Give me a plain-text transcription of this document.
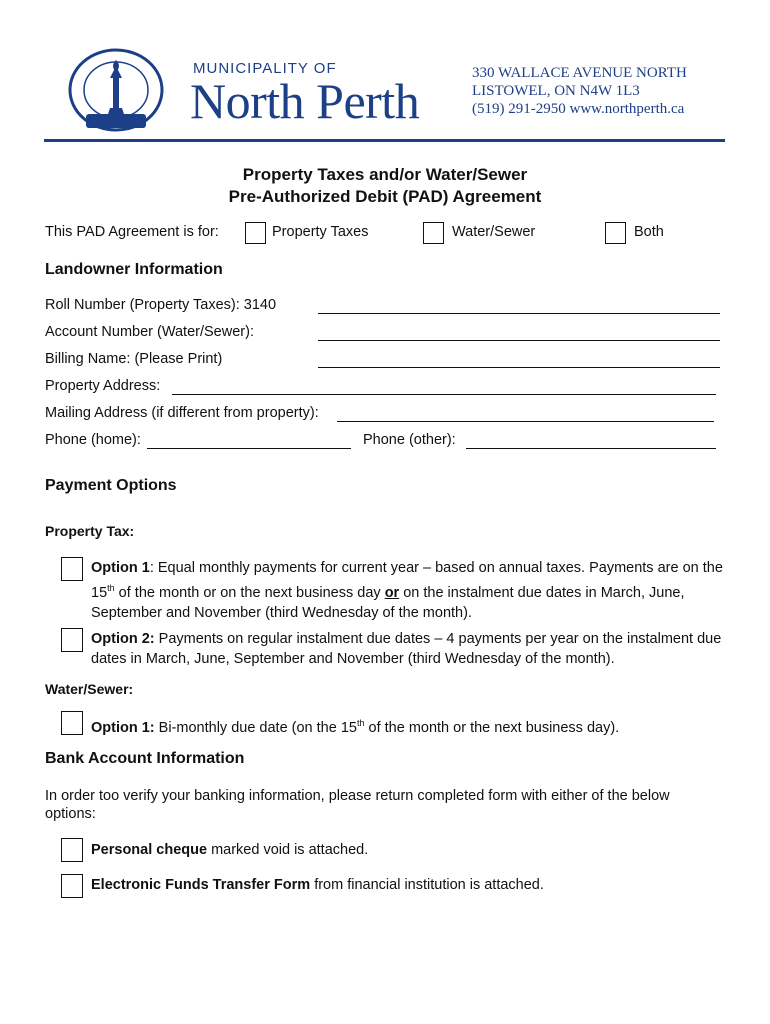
MUNICIPALITY OF
North Perth	330 WALLACE AVENUE NORTH
LISTOWEL, ON N4W 1L3
(519) 291-2950 www.northperth.ca
Property Taxes and/or Water/Sewer
Pre-Authorized Debit (PAD) Agreement
This PAD Agreement is for:	Property Taxes	Water/Sewer	Both
Landowner Information
Roll Number (Property Taxes): 3140
Account Number (Water/Sewer):
Billing Name: (Please Print)
Property Address:
Mailing Address (if different from property):
Phone (home):	Phone (other):
Payment Options
Property Tax:
Option 1: Equal monthly payments for current year – based on annual taxes. Payments are on the 15th of the month or on the next business day or on the instalment due dates in March, June, September and November (third Wednesday of the month).
Option 2: Payments on regular instalment due dates – 4 payments per year on the instalment due dates in March, June, September and November (third Wednesday of the month).
Water/Sewer:
Option 1: Bi-monthly due date (on the 15th of the month or the next business day).
Bank Account Information
In order too verify your banking information, please return completed form with either of the below options:
Personal cheque marked void is attached.
Electronic Funds Transfer Form from financial institution is attached.
